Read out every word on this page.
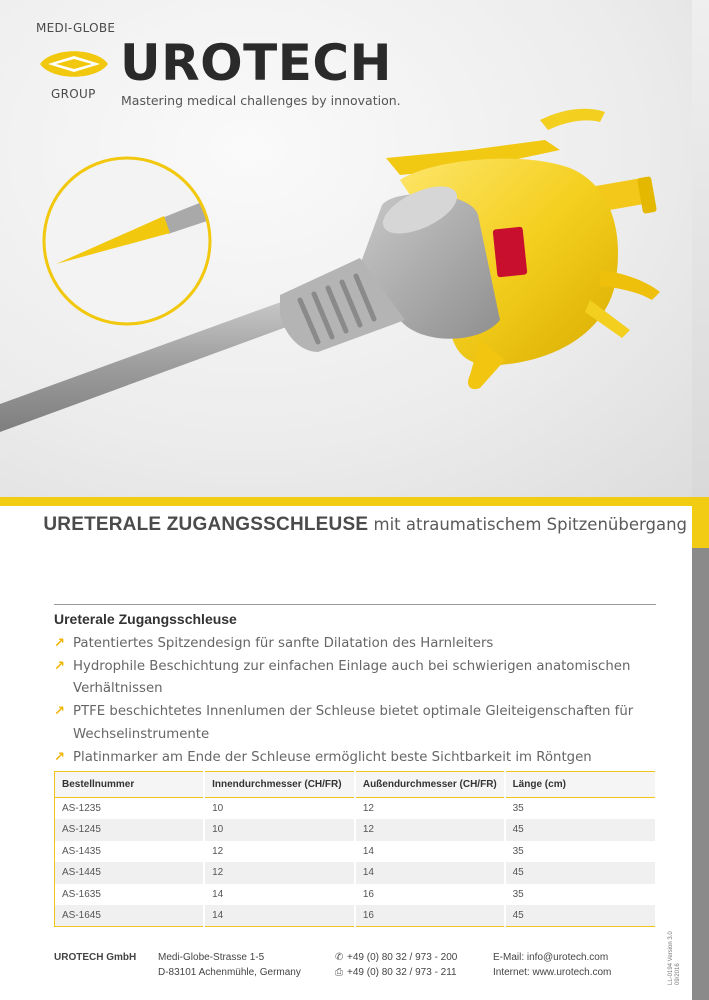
MEDI-GLOBE
GROUP
UROTECH
Mastering medical challenges by innovation.
URETERALE ZUGANGSSCHLEUSE mit atraumatischem Spitzenübergang
Ureterale Zugangsschleuse
↗ Patentiertes Spitzendesign für sanfte Dilatation des Harnleiters
↗ Hydrophile Beschichtung zur einfachen Einlage auch bei schwierigen anatomischen Verhältnissen
↗ PTFE beschichtetes Innenlumen der Schleuse bietet optimale Gleiteigenschaften für Wechselinstrumente
↗ Platinmarker am Ende der Schleuse ermöglicht beste Sichtbarkeit im Röntgen
Bestellnummer	Innendurchmesser (CH/FR)	Außendurchmesser (CH/FR)	Länge (cm)
AS-1235	10	12	35
AS-1245	10	12	45
AS-1435	12	14	35
AS-1445	12	14	45
AS-1635	14	16	35
AS-1645	14	16	45
UROTECH GmbH Medi-Globe-Strasse 1-5
D-83101 Achenmühle, Germany
✆ +49 (0) 80 32 / 973 - 200
⎙ +49 (0) 80 32 / 973 - 211
E-Mail: info@urotech.com
Internet: www.urotech.com	LL-0194 Version 3.0 09/2016
